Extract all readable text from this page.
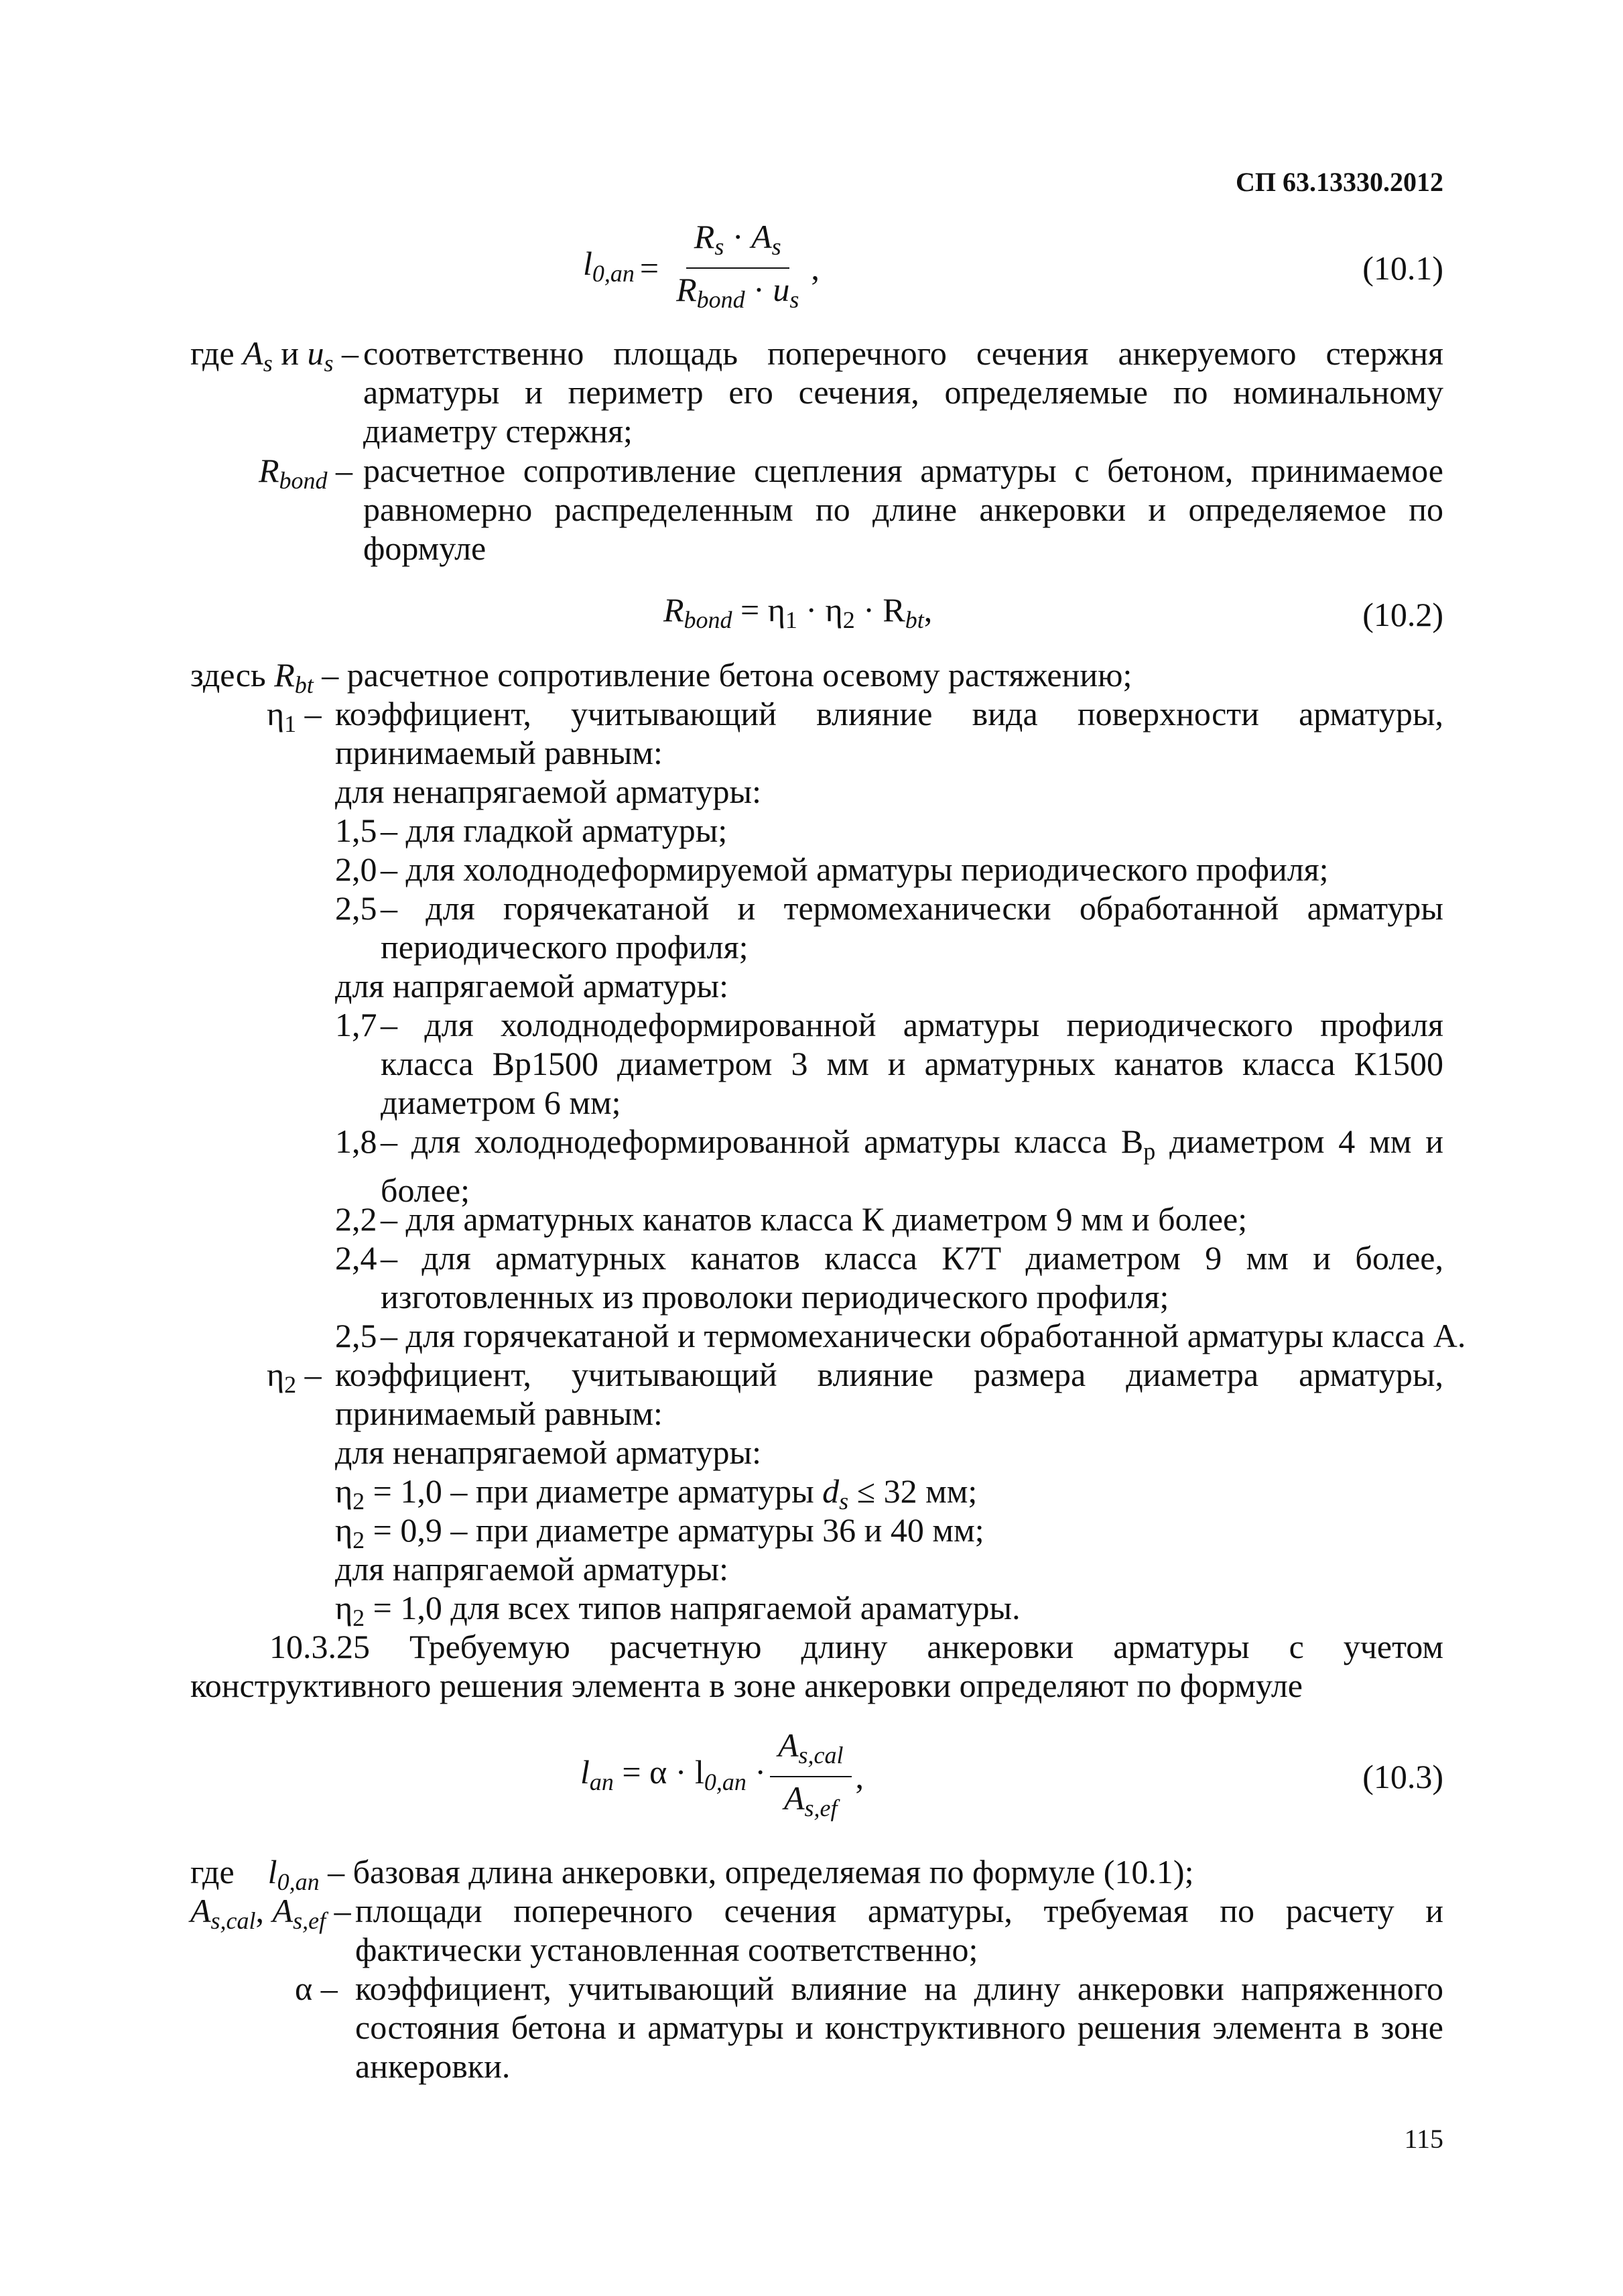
СП 63.13330.2012
$l_{0,an} = \frac{R_s \cdot A_s}{R_{bond} \cdot u_s}$ ,	(10.1)
где $A_s$ и $u_s$ – соответственно площадь поперечного сечения анкеруемого стержня арматуры и периметр его сечения, определяемые по номинальному диаметру стержня;
$R_{bond}$ – расчетное сопротивление сцепления арматуры с бетоном, принимаемое равномерно распределенным по длине анкеровки и определяемое по формуле
$R_{bond} = \eta_1 \cdot \eta_2 \cdot R_{bt}$,	(10.2)
здесь $R_{bt}$ – расчетное сопротивление бетона осевому растяжению;
$\eta_1$ – коэффициент, учитывающий влияние вида поверхности арматуры, принимаемый равным:
для ненапрягаемой арматуры:
1,5 – для гладкой арматуры;
2,0 – для холоднодеформируемой арматуры периодического профиля;
2,5 – для горячекатаной и термомеханически обработанной арматуры периодического профиля;
для напрягаемой арматуры:
1,7 – для холоднодеформированной арматуры периодического профиля класса Вр1500 диаметром 3 мм и арматурных канатов класса К1500 диаметром 6 мм;
1,8 – для холоднодеформированной арматуры класса $В_р$ диаметром 4 мм и более;
2,2 – для арматурных канатов класса К диаметром 9 мм и более;
2,4 – для арматурных канатов класса К7Т диаметром 9 мм и более, изготовленных из проволоки периодического профиля;
2,5 – для горячекатаной и термомеханически обработанной арматуры класса А.
$\eta_2$ – коэффициент, учитывающий влияние размера диаметра арматуры, принимаемый равным:
для ненапрягаемой арматуры:
$\eta_2 = 1,0$ – при диаметре арматуры $d_s \le 32$ мм;
$\eta_2 = 0,9$ – при диаметре арматуры 36 и 40 мм;
для напрягаемой арматуры:
$\eta_2 = 1,0$ для всех типов напрягаемой араматуры.
10.3.25 Требуемую расчетную длину анкеровки арматуры с учетом
конструктивного решения элемента в зоне анкеровки определяют по формуле
$l_{an} = \alpha \cdot l_{0,an} \cdot \frac{A_{s,cal}}{A_{s,ef}}$ ,	(10.3)
где    $l_{0,an}$ – базовая длина анкеровки, определяемая по формуле (10.1);
$A_{s,cal}$, $A_{s,ef}$ – площади поперечного сечения арматуры, требуемая по расчету и фактически установленная соответственно;
α – коэффициент, учитывающий влияние на длину анкеровки напряженного состояния бетона и арматуры и конструктивного решения элемента в зоне анкеровки.
115
